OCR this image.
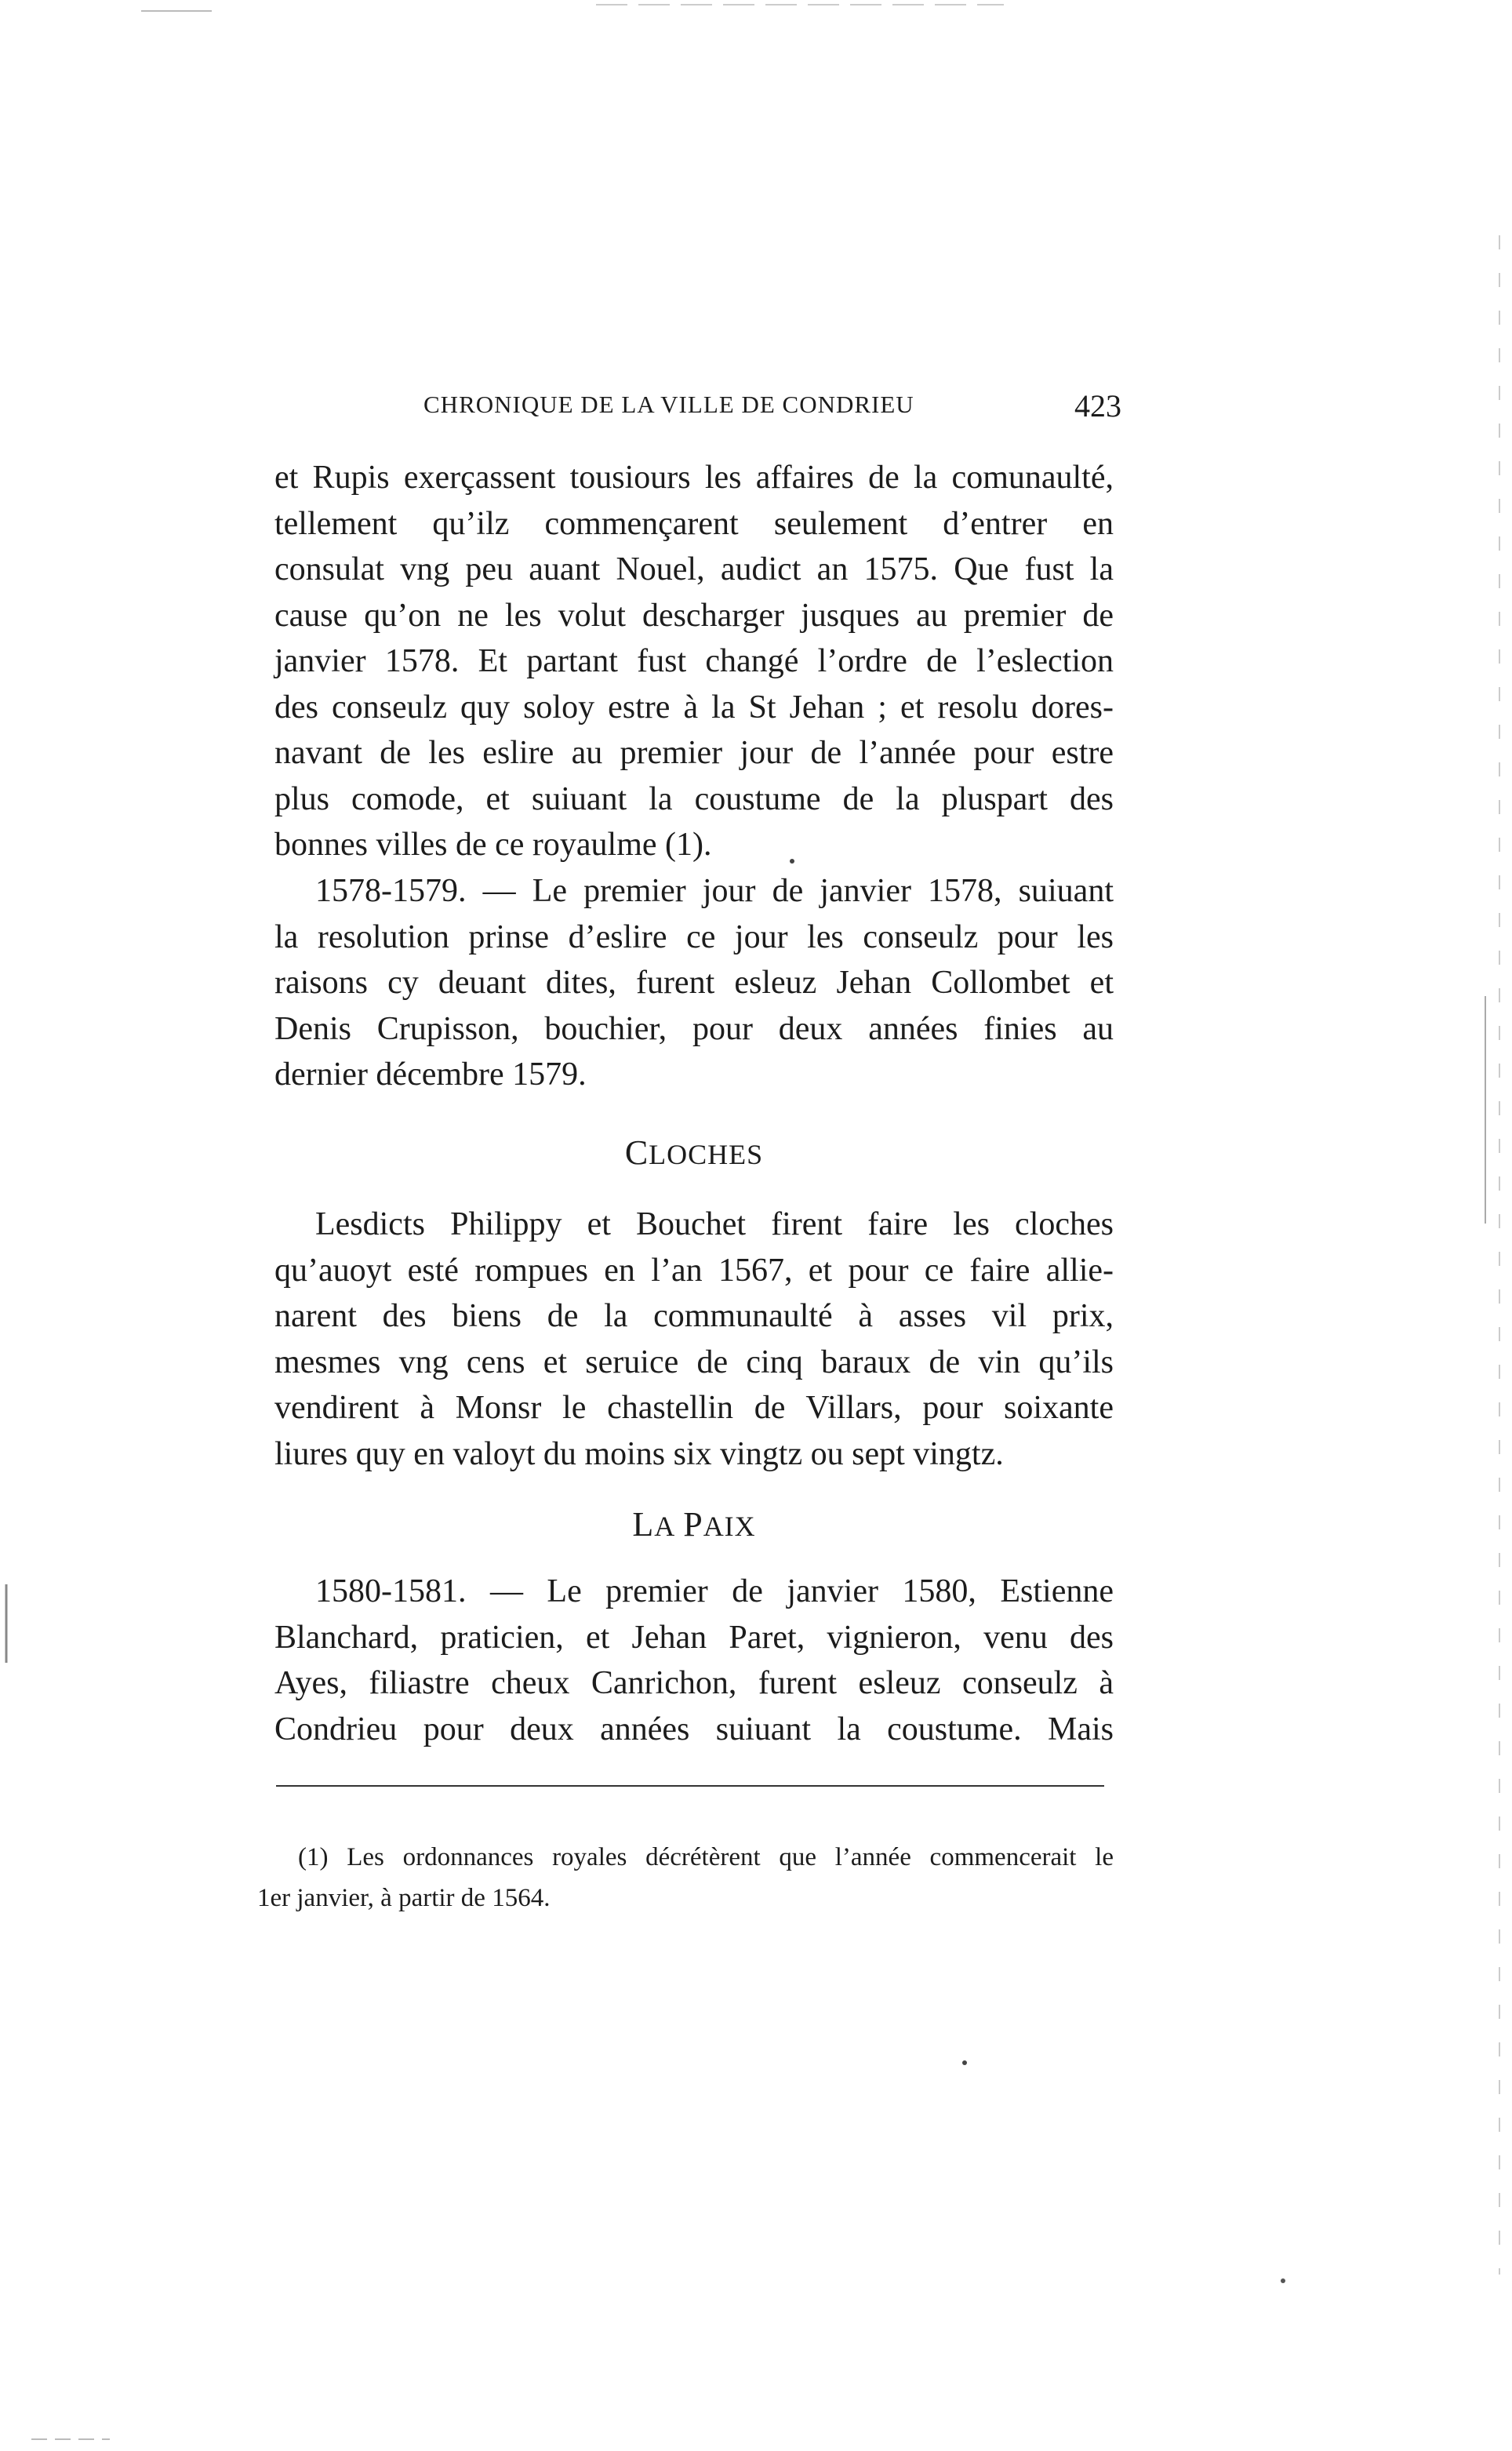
CHRONIQUE DE LA VILLE DE CONDRIEU	423
et Rupis exerçassent tousiours les affaires de la comunaulté,
tellement qu’ilz commençarent seulement d’entrer en
consulat vng peu auant Nouel, audict an 1575. Que fust la
cause qu’on ne les volut descharger jusques au premier de
janvier 1578. Et partant fust changé l’ordre de l’eslection
des conseulz quy soloy estre à la St Jehan ; et resolu dores-
navant de les eslire au premier jour de l’année pour estre
plus comode, et suiuant la coustume de la pluspart des
bonnes villes de ce royaulme (1).
1578-1579. — Le premier jour de janvier 1578, suiuant
la resolution prinse d’eslire ce jour les conseulz pour les
raisons cy deuant dites, furent esleuz Jehan Collombet et
Denis Crupisson, bouchier, pour deux années finies au
dernier décembre 1579.
CLOCHES
Lesdicts Philippy et Bouchet firent faire les cloches
qu’auoyt esté rompues en l’an 1567, et pour ce faire allie-
narent des biens de la communaulté à asses vil prix,
mesmes vng cens et seruice de cinq baraux de vin qu’ils
vendirent à Monsr le chastellin de Villars, pour soixante
liures quy en valoyt du moins six vingtz ou sept vingtz.
LA PAIX
1580-1581. — Le premier de janvier 1580, Estienne
Blanchard, praticien, et Jehan Paret, vignieron, venu des
Ayes, filiastre cheux Canrichon, furent esleuz conseulz à
Condrieu pour deux années suiuant la coustume. Mais
(1) Les ordonnances royales décrétèrent que l’année commencerait le
1er janvier, à partir de 1564.
